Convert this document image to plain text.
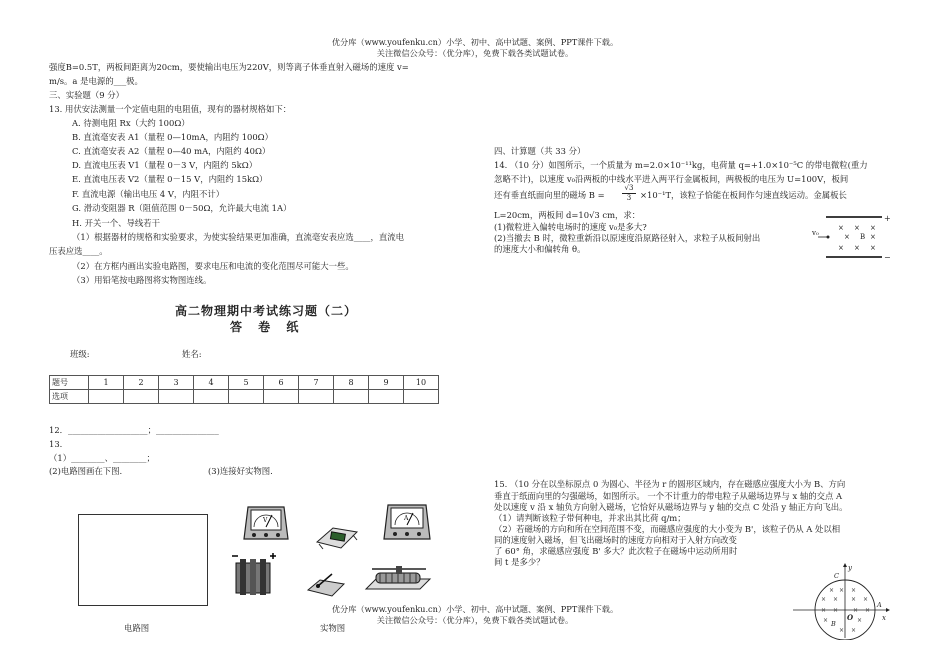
优分库（www.youfenku.cn）小学、初中、高中试题、案例、PPT课件下载。
关注微信公众号：（优分库），免费下载各类试题试卷。
强度B=0.5T，两板间距离为20cm，要使输出电压为220V，则等离子体垂直射入磁场的速度 v=
m/s。a 是电源的___极。
三、实验题（9 分）
13. 用伏安法测量一个定值电阻的电阻值，现有的器材规格如下：
A. 待测电阻 Rx（大约 100Ω）
B. 直流毫安表 A1（量程 0—10mA，内阻约 100Ω）
C. 直流毫安表 A2（量程 0—40 mA，内阻约 40Ω）
D. 直流电压表 V1（量程 0－3 V，内阻约 5kΩ）
E. 直流电压表 V2（量程 0－15 V，内阻约 15kΩ）
F. 直流电源（输出电压 4 V，内阻不计）
G. 滑动变阻器 R（阻值范围 0－50Ω，允许最大电流 1A）
H. 开关一个、导线若干
（1）根据器材的规格和实验要求，为使实验结果更加准确，直流毫安表应选____，直流电
压表应选____。
（2）在方框内画出实验电路图，要求电压和电流的变化范围尽可能大一些。
（3）用铅笔按电路图将实物图连线。
高二物理期中考试练习题（二）
答 卷 纸
班级:	姓名:
题号	1	2	3	4	5	6	7	8	9	10
选项										
12．___________________；_______________
13.
（1）________、________；
(2)电路图画在下图.	(3)连接好实物图.
电路图	实物图
V	A
四、计算题（共 33 分）
14. （10 分）如图所示，一个质量为 m=2.0×10⁻¹¹kg，电荷量 q=+1.0×10⁻⁵C 的带电微粒(重力
忽略不计)，以速度 v₀沿两板的中线水平进入两平行金属板间，两极板的电压为 U=100V，板间
还有垂直纸面向里的磁场 $B = \frac{√3}{3} \times 10^{-1}T$，该粒子恰能在板间作匀速直线运动。金属板长
L=20cm，两板间 d=10√3 cm，求：
(1)微粒进入偏转电场时的速度 v₀是多大?
(2)当撤去 B 时，微粒重新沿以原速度沿原路径射入，求粒子从板间射出
的速度大小和偏转角 θ。
+
−
v₀
× × ×
× B ×
× × ×
15. （10 分在以坐标原点 0 为圆心、半径为 r 的圆形区域内，存在磁感应强度大小为 B、方向
垂直于纸面向里的匀强磁场，如图所示。 一个不计重力的带电粒子从磁场边界与 x 轴的交点 A
处以速度 v 沿 x 轴负方向射入磁场，它恰好从磁场边界与 y 轴的交点 C 处沿 y 轴正方向飞出。
（1）请判断该粒子带何种电，并求出其比荷 q/m；
（2）若磁场的方向和所在空间范围不变，而磁感应强度的大小变为 B'，该粒子仍从 A 处以相
同的速度射入磁场，但飞出磁场时的速度方向相对于入射方向改变
了 60° 角，求磁感应强度 B' 多大？此次粒子在磁场中运动所用时
间 t 是多少？
y
x
C
A
B
O
× × ×
× × × ×
× × × ×
×	×
× ×
优分库（www.youfenku.cn）小学、初中、高中试题、案例、PPT课件下载。
关注微信公众号：（优分库），免费下载各类试题试卷。
